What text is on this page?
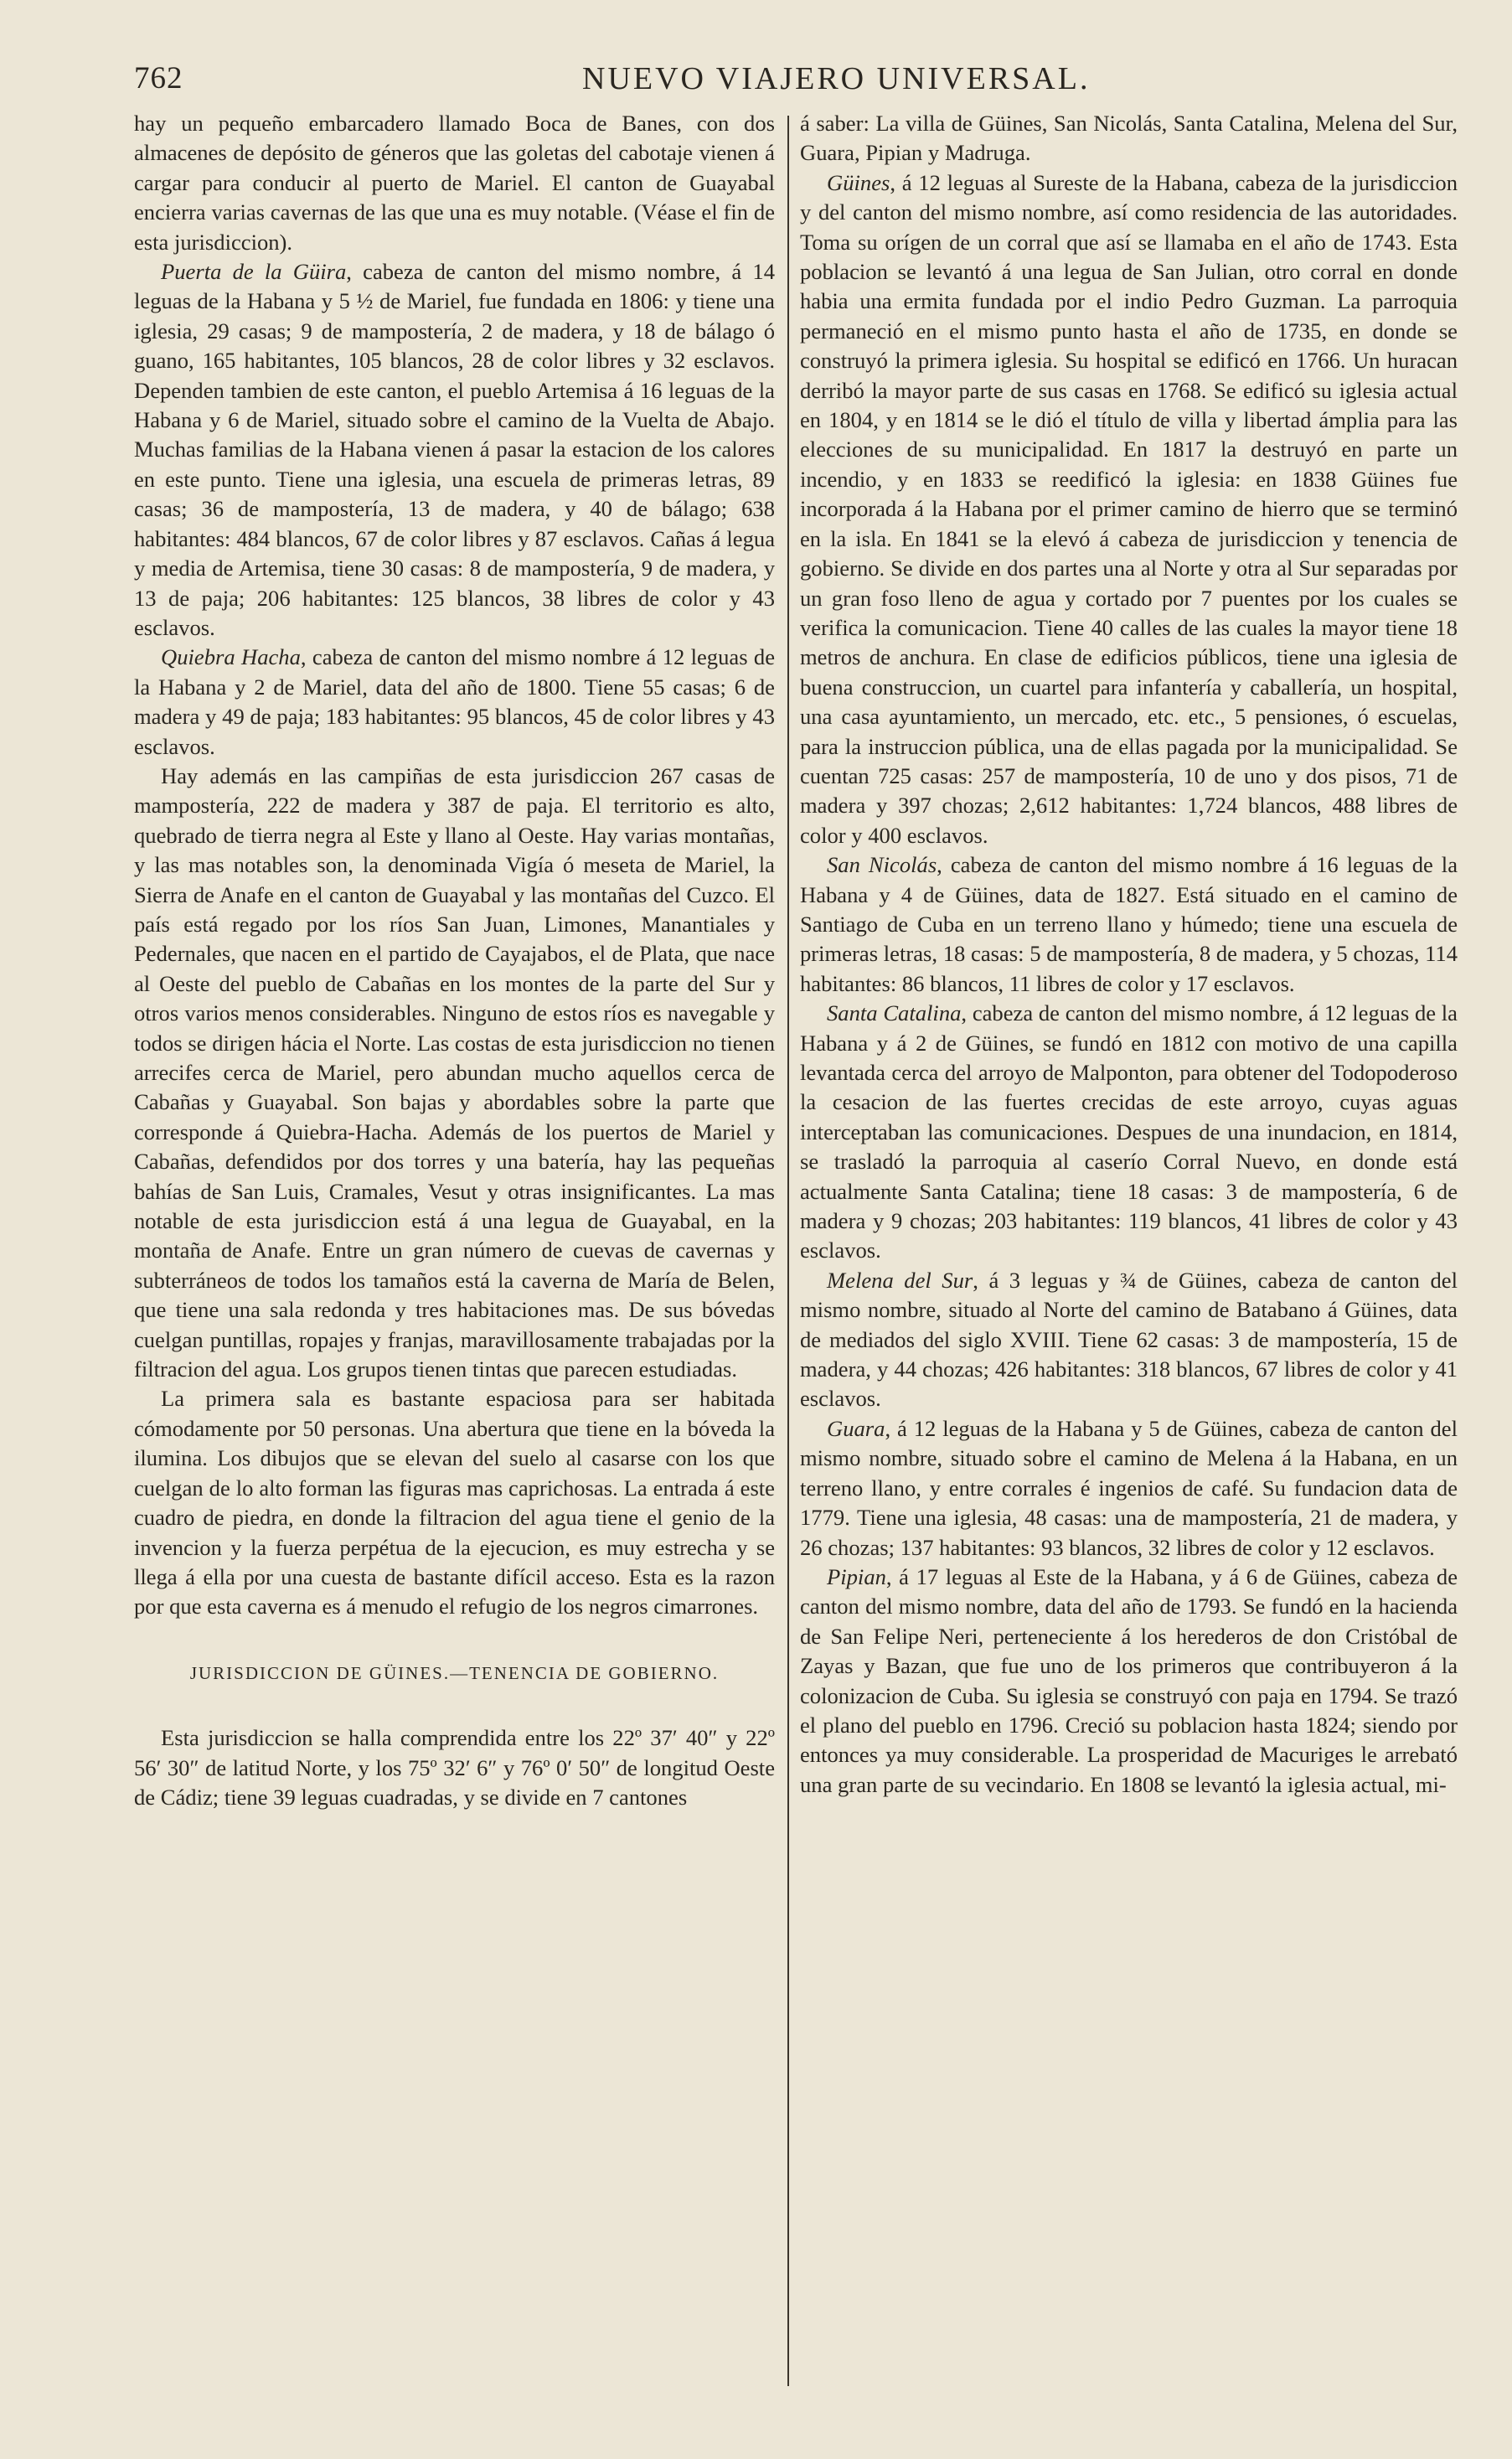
762	NUEVO VIAJERO UNIVERSAL.

hay un pequeño embarcadero llamado Boca de Banes, con dos almacenes de depósito de géneros que las goletas del cabotaje vienen á cargar para conducir al puerto de Mariel. El canton de Guayabal encierra varias cavernas de las que una es muy notable. (Véase el fin de esta jurisdiccion).

Puerta de la Güira, cabeza de canton del mismo nombre, á 14 leguas de la Habana y 5 ½ de Mariel, fue fundada en 1806: y tiene una iglesia, 29 casas; 9 de mampostería, 2 de madera, y 18 de bálago ó guano, 165 habitantes, 105 blancos, 28 de color libres y 32 esclavos. Dependen tambien de este canton, el pueblo Artemisa á 16 leguas de la Habana y 6 de Mariel, situado sobre el camino de la Vuelta de Abajo. Muchas familias de la Habana vienen á pasar la estacion de los calores en este punto. Tiene una iglesia, una escuela de primeras letras, 89 casas; 36 de mampostería, 13 de madera, y 40 de bálago; 638 habitantes: 484 blancos, 67 de color libres y 87 esclavos. Cañas á legua y media de Artemisa, tiene 30 casas: 8 de mampostería, 9 de madera, y 13 de paja; 206 habitantes: 125 blancos, 38 libres de color y 43 esclavos.

Quiebra Hacha, cabeza de canton del mismo nombre á 12 leguas de la Habana y 2 de Mariel, data del año de 1800. Tiene 55 casas; 6 de madera y 49 de paja; 183 habitantes: 95 blancos, 45 de color libres y 43 esclavos.

Hay además en las campiñas de esta jurisdiccion 267 casas de mampostería, 222 de madera y 387 de paja. El territorio es alto, quebrado de tierra negra al Este y llano al Oeste. Hay varias montañas, y las mas notables son, la denominada Vigía ó meseta de Mariel, la Sierra de Anafe en el canton de Guayabal y las montañas del Cuzco. El país está regado por los ríos San Juan, Limones, Manantiales y Pedernales, que nacen en el partido de Cayajabos, el de Plata, que nace al Oeste del pueblo de Cabañas en los montes de la parte del Sur y otros varios menos considerables. Ninguno de estos ríos es navegable y todos se dirigen hácia el Norte. Las costas de esta jurisdiccion no tienen arrecifes cerca de Mariel, pero abundan mucho aquellos cerca de Cabañas y Guayabal. Son bajas y abordables sobre la parte que corresponde á Quiebra-Hacha. Además de los puertos de Mariel y Cabañas, defendidos por dos torres y una batería, hay las pequeñas bahías de San Luis, Cramales, Vesut y otras insignificantes. La mas notable de esta jurisdiccion está á una legua de Guayabal, en la montaña de Anafe. Entre un gran número de cuevas de cavernas y subterráneos de todos los tamaños está la caverna de María de Belen, que tiene una sala redonda y tres habitaciones mas. De sus bóvedas cuelgan puntillas, ropajes y franjas, maravillosamente trabajadas por la filtracion del agua. Los grupos tienen tintas que parecen estudiadas.

La primera sala es bastante espaciosa para ser habitada cómodamente por 50 personas. Una abertura que tiene en la bóveda la ilumina. Los dibujos que se elevan del suelo al casarse con los que cuelgan de lo alto forman las figuras mas caprichosas. La entrada á este cuadro de piedra, en donde la filtracion del agua tiene el genio de la invencion y la fuerza perpétua de la ejecucion, es muy estrecha y se llega á ella por una cuesta de bastante difícil acceso. Esta es la razon por que esta caverna es á menudo el refugio de los negros cimarrones.

JURISDICCION DE GÜINES.—TENENCIA DE GOBIERNO.

Esta jurisdiccion se halla comprendida entre los 22º 37′ 40″ y 22º 56′ 30″ de latitud Norte, y los 75º 32′ 6″ y 76º 0′ 50″ de longitud Oeste de Cádiz; tiene 39 leguas cuadradas, y se divide en 7 cantones

á saber: La villa de Güines, San Nicolás, Santa Catalina, Melena del Sur, Guara, Pipian y Madruga.

Güines, á 12 leguas al Sureste de la Habana, cabeza de la jurisdiccion y del canton del mismo nombre, así como residencia de las autoridades. Toma su orígen de un corral que así se llamaba en el año de 1743. Esta poblacion se levantó á una legua de San Julian, otro corral en donde habia una ermita fundada por el indio Pedro Guzman. La parroquia permaneció en el mismo punto hasta el año de 1735, en donde se construyó la primera iglesia. Su hospital se edificó en 1766. Un huracan derribó la mayor parte de sus casas en 1768. Se edificó su iglesia actual en 1804, y en 1814 se le dió el título de villa y libertad ámplia para las elecciones de su municipalidad. En 1817 la destruyó en parte un incendio, y en 1833 se reedificó la iglesia: en 1838 Güines fue incorporada á la Habana por el primer camino de hierro que se terminó en la isla. En 1841 se la elevó á cabeza de jurisdiccion y tenencia de gobierno. Se divide en dos partes una al Norte y otra al Sur separadas por un gran foso lleno de agua y cortado por 7 puentes por los cuales se verifica la comunicacion. Tiene 40 calles de las cuales la mayor tiene 18 metros de anchura. En clase de edificios públicos, tiene una iglesia de buena construccion, un cuartel para infantería y caballería, un hospital, una casa ayuntamiento, un mercado, etc. etc., 5 pensiones, ó escuelas, para la instruccion pública, una de ellas pagada por la municipalidad. Se cuentan 725 casas: 257 de mampostería, 10 de uno y dos pisos, 71 de madera y 397 chozas; 2,612 habitantes: 1,724 blancos, 488 libres de color y 400 esclavos.

San Nicolás, cabeza de canton del mismo nombre á 16 leguas de la Habana y 4 de Güines, data de 1827. Está situado en el camino de Santiago de Cuba en un terreno llano y húmedo; tiene una escuela de primeras letras, 18 casas: 5 de mampostería, 8 de madera, y 5 chozas, 114 habitantes: 86 blancos, 11 libres de color y 17 esclavos.

Santa Catalina, cabeza de canton del mismo nombre, á 12 leguas de la Habana y á 2 de Güines, se fundó en 1812 con motivo de una capilla levantada cerca del arroyo de Malponton, para obtener del Todopoderoso la cesacion de las fuertes crecidas de este arroyo, cuyas aguas interceptaban las comunicaciones. Despues de una inundacion, en 1814, se trasladó la parroquia al caserío Corral Nuevo, en donde está actualmente Santa Catalina; tiene 18 casas: 3 de mampostería, 6 de madera y 9 chozas; 203 habitantes: 119 blancos, 41 libres de color y 43 esclavos.

Melena del Sur, á 3 leguas y ¾ de Güines, cabeza de canton del mismo nombre, situado al Norte del camino de Batabano á Güines, data de mediados del siglo XVIII. Tiene 62 casas: 3 de mampostería, 15 de madera, y 44 chozas; 426 habitantes: 318 blancos, 67 libres de color y 41 esclavos.

Guara, á 12 leguas de la Habana y 5 de Güines, cabeza de canton del mismo nombre, situado sobre el camino de Melena á la Habana, en un terreno llano, y entre corrales é ingenios de café. Su fundacion data de 1779. Tiene una iglesia, 48 casas: una de mampostería, 21 de madera, y 26 chozas; 137 habitantes: 93 blancos, 32 libres de color y 12 esclavos.

Pipian, á 17 leguas al Este de la Habana, y á 6 de Güines, cabeza de canton del mismo nombre, data del año de 1793. Se fundó en la hacienda de San Felipe Neri, perteneciente á los herederos de don Cristóbal de Zayas y Bazan, que fue uno de los primeros que contribuyeron á la colonizacion de Cuba. Su iglesia se construyó con paja en 1794. Se trazó el plano del pueblo en 1796. Creció su poblacion hasta 1824; siendo por entonces ya muy considerable. La prosperidad de Macuriges le arrebató una gran parte de su vecindario. En 1808 se levantó la iglesia actual, mi-
